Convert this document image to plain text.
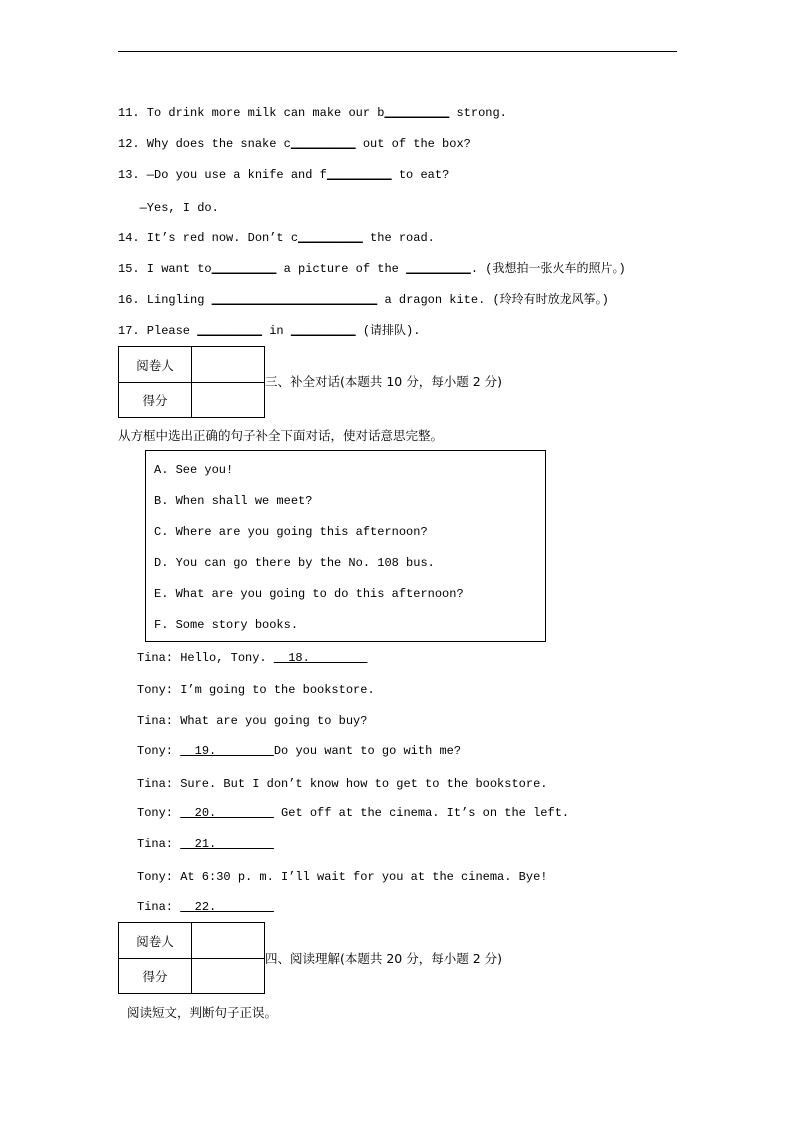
11. To drink more milk can make our b_________ strong.
12. Why does the snake c_________ out of the box?
13. —Do you use a knife and f_________ to eat?
—Yes, I do.
14. It’s red now. Don’t c_________ the road.
15. I want to_________ a picture of the _________. (我想拍一张火车的照片。)
16. Lingling _______________________ a dragon kite. (玲玲有时放龙风筝。)
17. Please _________ in _________ (请排队).
阅卷人
得分
三、补全对话(本题共 10 分，每小题 2 分)
从方框中选出正确的句子补全下面对话，使对话意思完整。
A. See you!
B. When shall we meet?
C. Where are you going this afternoon?
D. You can go there by the No. 108 bus.
E. What are you going to do this afternoon?
F. Some story books.
Tina: Hello, Tony.   18.
Tony: I’m going to the bookstore.
Tina: What are you going to buy?
Tony:   19.        Do you want to go with me?
Tina: Sure. But I don’t know how to get to the bookstore.
Tony:   20.         Get off at the cinema. It’s on the left.
Tina:   21.
Tony: At 6:30 p. m. I’ll wait for you at the cinema. Bye!
Tina:   22.
阅卷人
得分
四、阅读理解(本题共 20 分，每小题 2 分)
阅读短文，判断句子正误。
